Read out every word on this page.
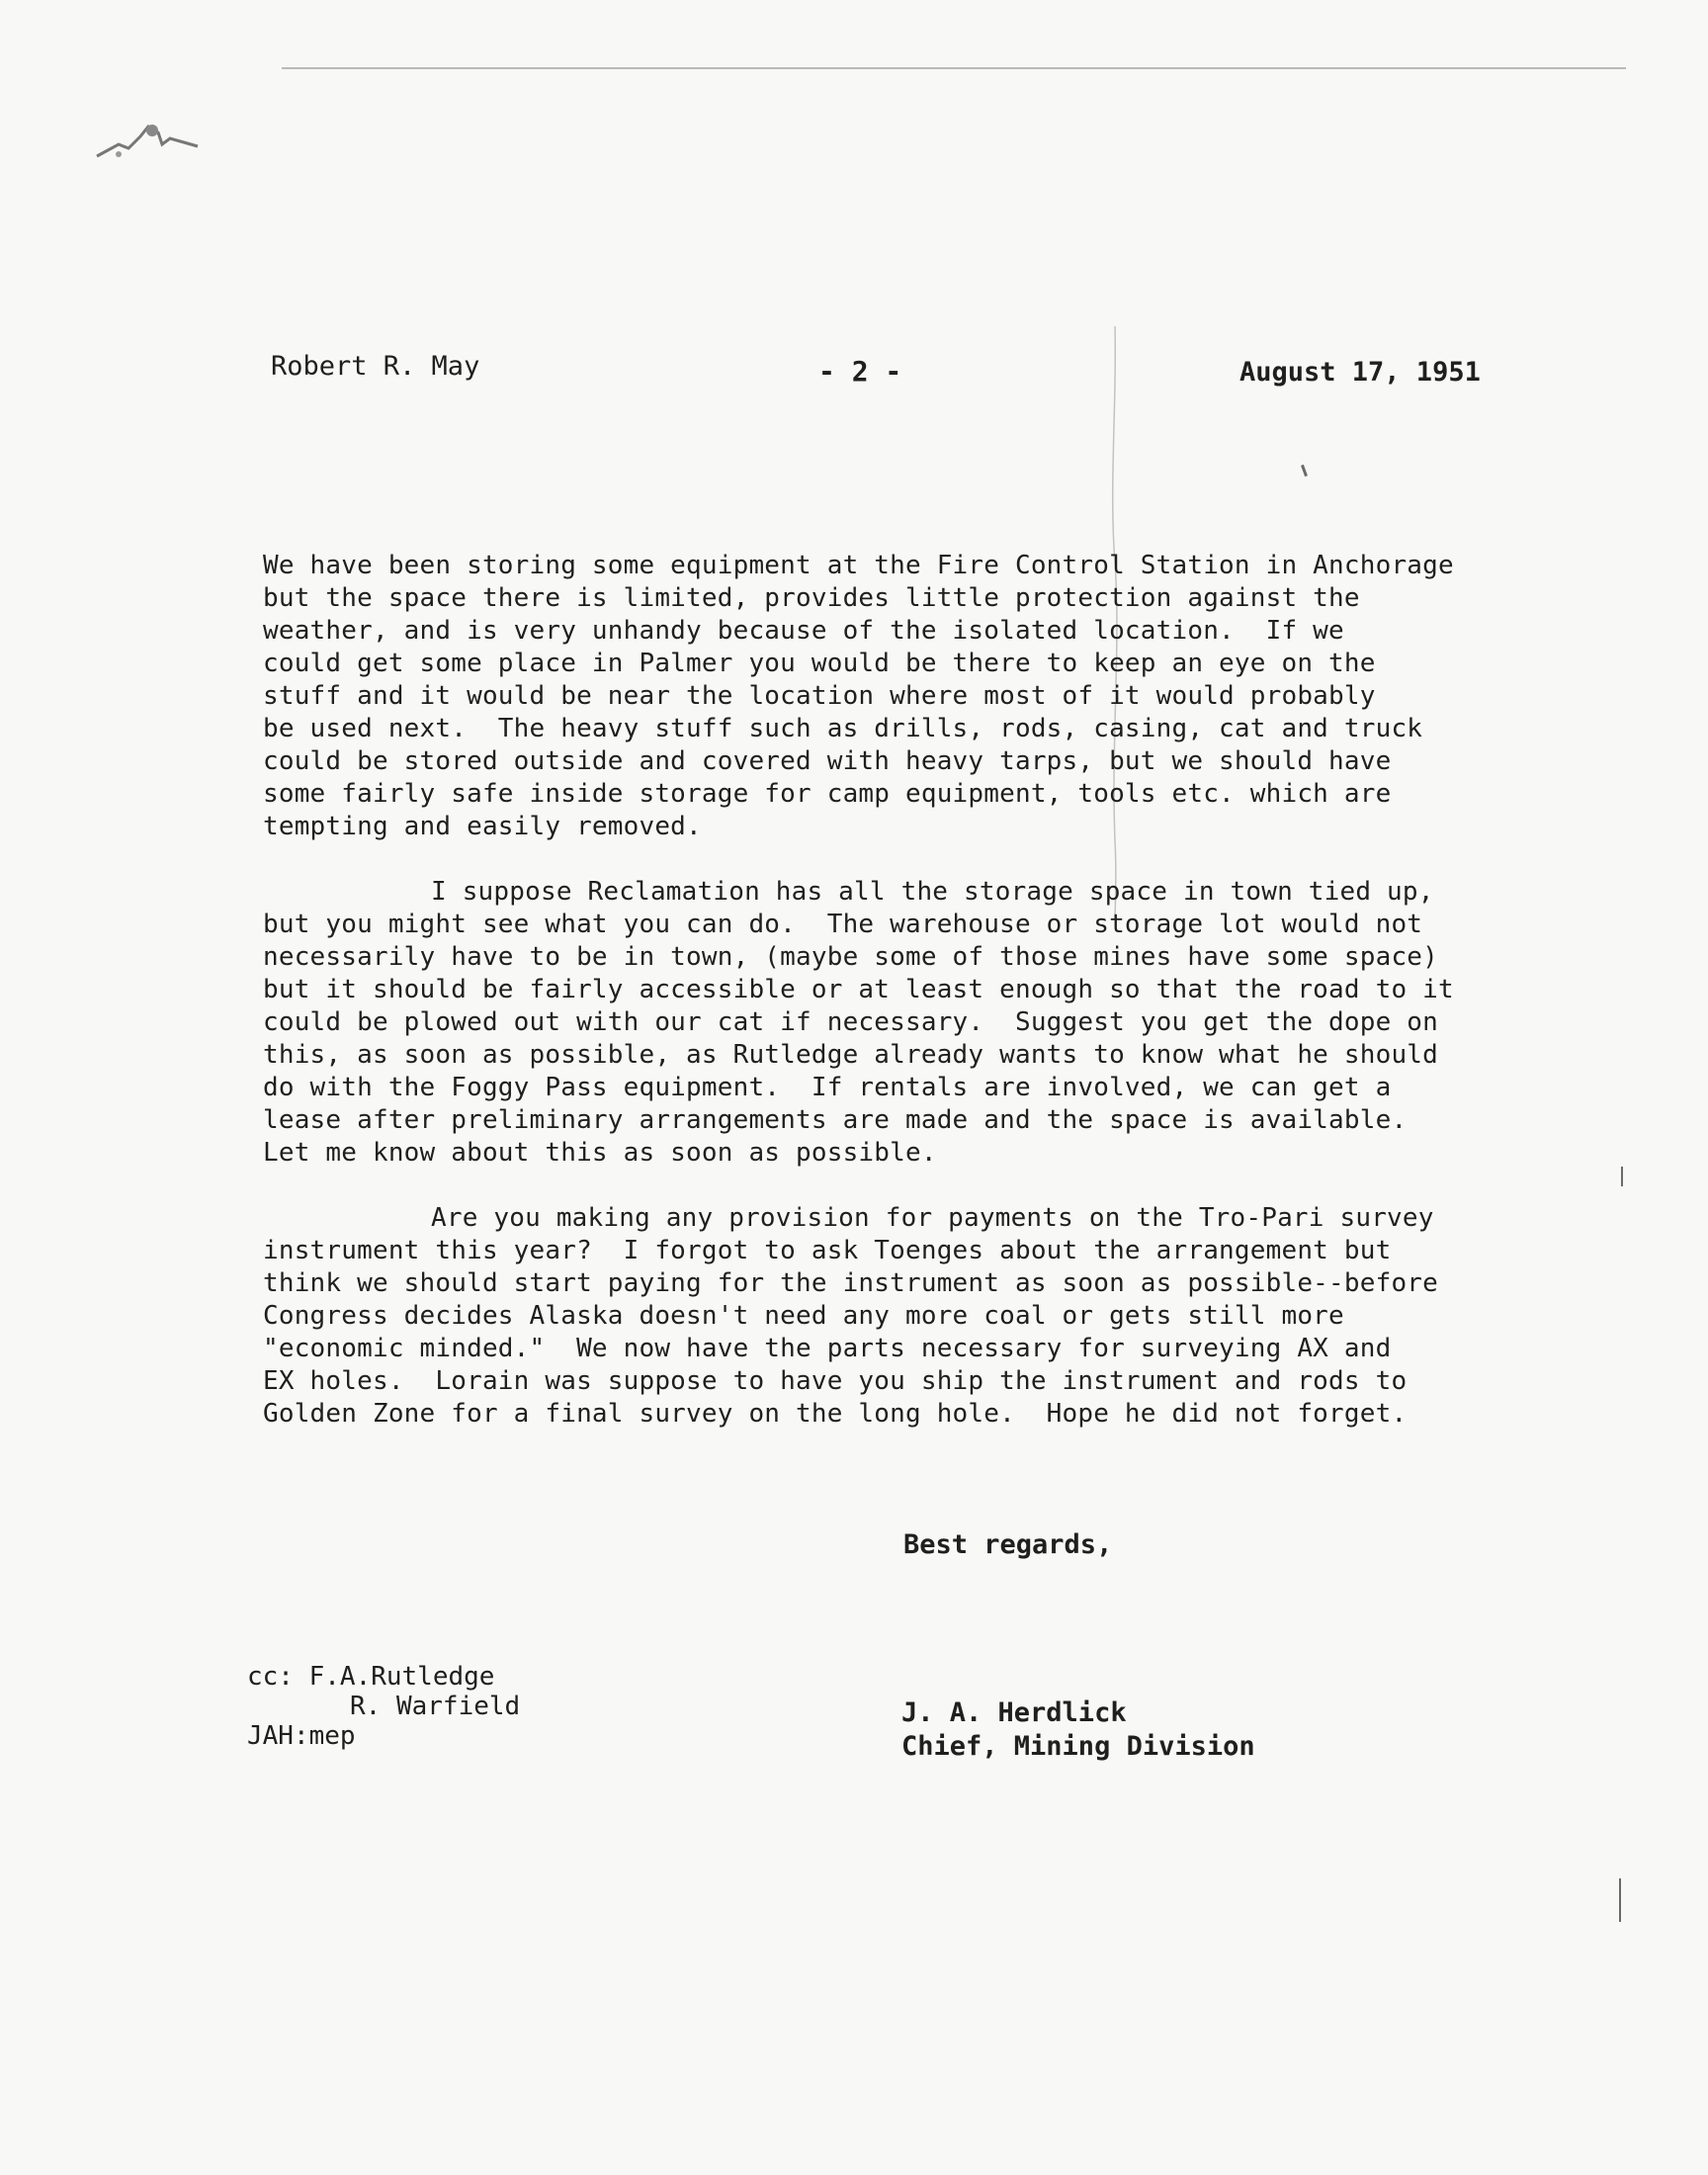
Robert R. May	- 2 -	August 17, 1951
We have been storing some equipment at the Fire Control Station in Anchorage
but the space there is limited, provides little protection against the
weather, and is very unhandy because of the isolated location.  If we
could get some place in Palmer you would be there to keep an eye on the
stuff and it would be near the location where most of it would probably
be used next.  The heavy stuff such as drills, rods, casing, cat and truck
could be stored outside and covered with heavy tarps, but we should have
some fairly safe inside storage for camp equipment, tools etc. which are
tempting and easily removed.
I suppose Reclamation has all the storage space in town tied up,
but you might see what you can do.  The warehouse or storage lot would not
necessarily have to be in town, (maybe some of those mines have some space)
but it should be fairly accessible or at least enough so that the road to it
could be plowed out with our cat if necessary.  Suggest you get the dope on
this, as soon as possible, as Rutledge already wants to know what he should
do with the Foggy Pass equipment.  If rentals are involved, we can get a
lease after preliminary arrangements are made and the space is available.
Let me know about this as soon as possible.
Are you making any provision for payments on the Tro-Pari survey
instrument this year?  I forgot to ask Toenges about the arrangement but
think we should start paying for the instrument as soon as possible--before
Congress decides Alaska doesn't need any more coal or gets still more
"economic minded."  We now have the parts necessary for surveying AX and
EX holes.  Lorain was suppose to have you ship the instrument and rods to
Golden Zone for a final survey on the long hole.  Hope he did not forget.
Best regards,
cc: F.A.Rutledge
R. Warfield
JAH:mep
J. A. Herdlick
Chief, Mining Division
